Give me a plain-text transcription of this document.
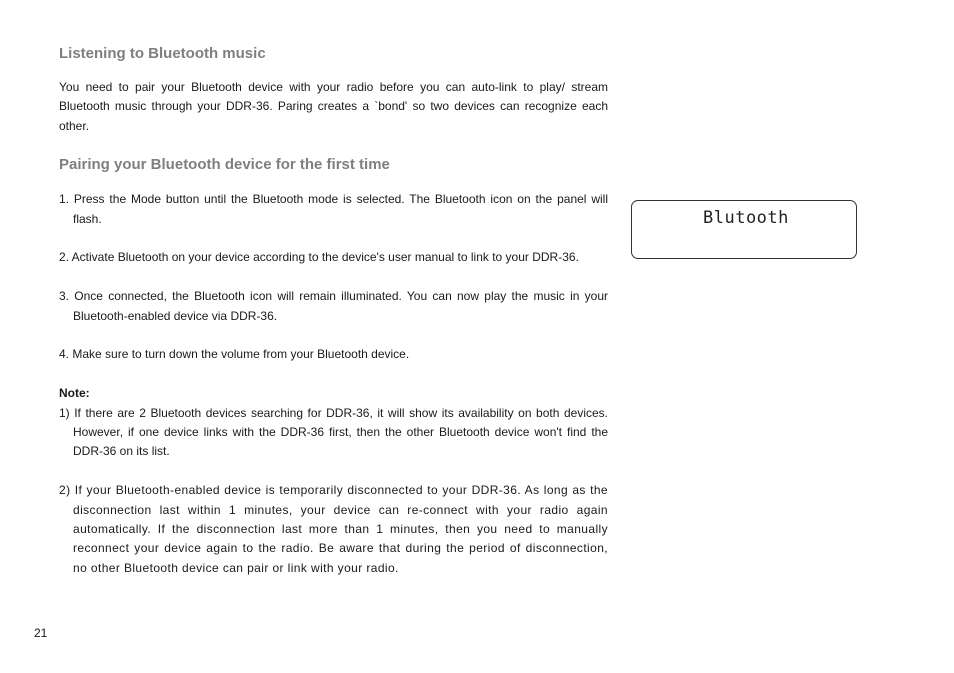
Listening to Bluetooth music

You need to pair your Bluetooth device with your radio before you can auto-link to play/ stream Bluetooth music through your DDR-36. Paring creates a `bond' so two devices can recognize each other.

Pairing your Bluetooth device for the first time

1. Press the Mode button until the Bluetooth mode is selected. The Bluetooth icon on the panel will flash.

2. Activate Bluetooth on your device according to the device's user manual to link to your DDR-36.

3. Once connected, the Bluetooth icon will remain illuminated. You can now play the music in your Bluetooth-enabled device via DDR-36.

4. Make sure to turn down the volume from your Bluetooth device.

Note:

1) If there are 2 Bluetooth devices searching for DDR-36, it will show its availability on both devices. However, if one device links with the DDR-36 first, then the other Bluetooth device won't find the DDR-36 on its list.

2) If your Bluetooth-enabled device is temporarily disconnected to your DDR-36. As long as the disconnection last within 1 minutes, your device can re-connect with your radio again automatically. If the disconnection last more than 1 minutes, then you need to manually reconnect your device again to the radio. Be aware that during the period of disconnection, no other Bluetooth device can pair or link with your radio.

Blutooth
21
